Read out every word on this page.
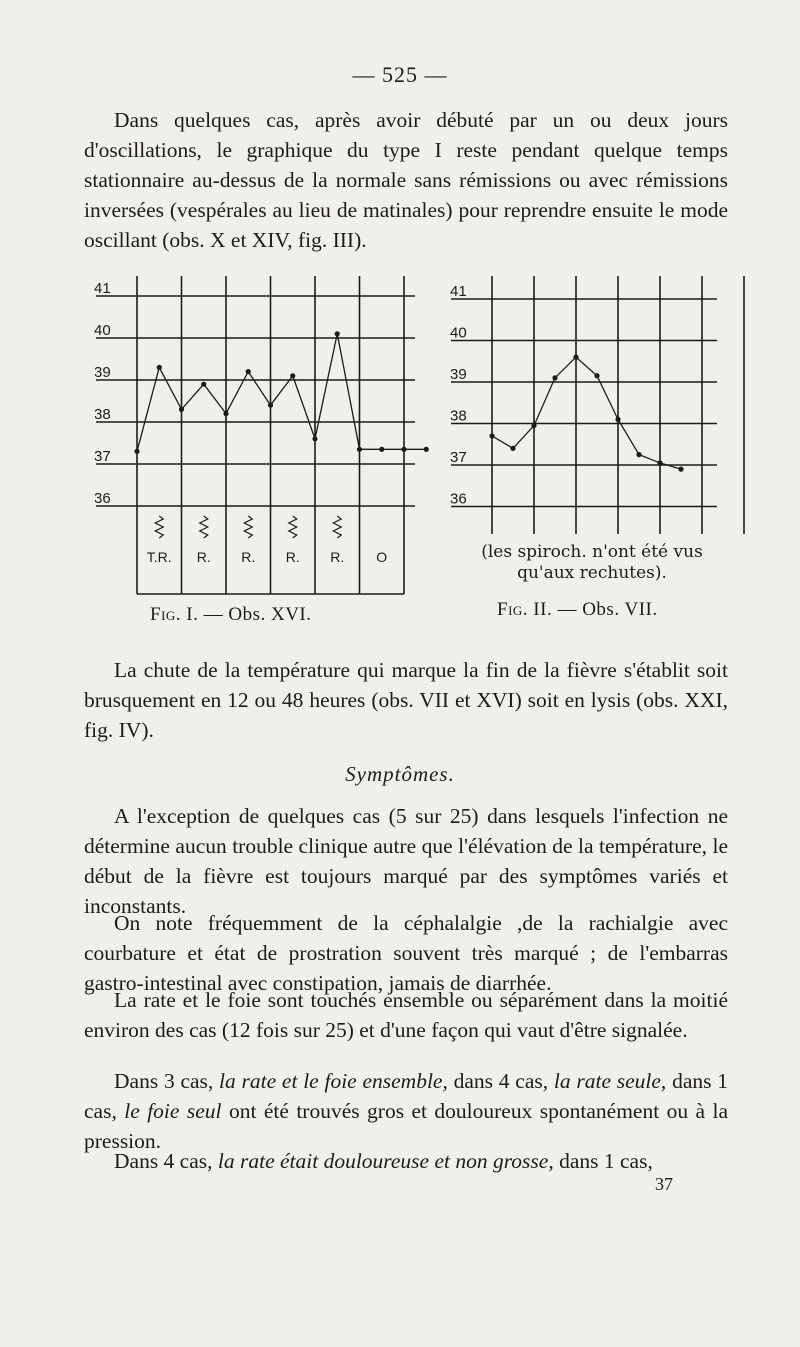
— 525 —

Dans quelques cas, après avoir débuté par un ou deux jours d'oscillations, le graphique du type I reste pendant quelque temps stationnaire au-dessus de la normale sans rémissions ou avec rémissions inversées (vespérales au lieu de matinales) pour reprendre ensuite le mode oscillant (obs. X et XIV, fig. III).

41
40
39
38
37
36
T.R. R. R. R. R. O
Fig. I. — Obs. XVI.
41
40
39
38
37
36
(les spiroch. n'ont été vus qu'aux rechutes).
Fig. II. — Obs. VII.

La chute de la température qui marque la fin de la fièvre s'établit soit brusquement en 12 ou 48 heures (obs. VII et XVI) soit en lysis (obs. XXI, fig. IV).

Symptômes.

A l'exception de quelques cas (5 sur 25) dans lesquels l'infection ne détermine aucun trouble clinique autre que l'élévation de la température, le début de la fièvre est toujours marqué par des symptômes variés et inconstants.

On note fréquemment de la céphalalgie ,de la rachialgie avec courbature et état de prostration souvent très marqué ; de l'embarras gastro-intestinal avec constipation, jamais de diarrhée.

La rate et le foie sont touchés ensemble ou séparément dans la moitié environ des cas (12 fois sur 25) et d'une façon qui vaut d'être signalée.

Dans 3 cas, la rate et le foie ensemble, dans 4 cas, la rate seule, dans 1 cas, le foie seul ont été trouvés gros et douloureux spontanément ou à la pression.

Dans 4 cas, la rate était douloureuse et non grosse, dans 1 cas,

37
